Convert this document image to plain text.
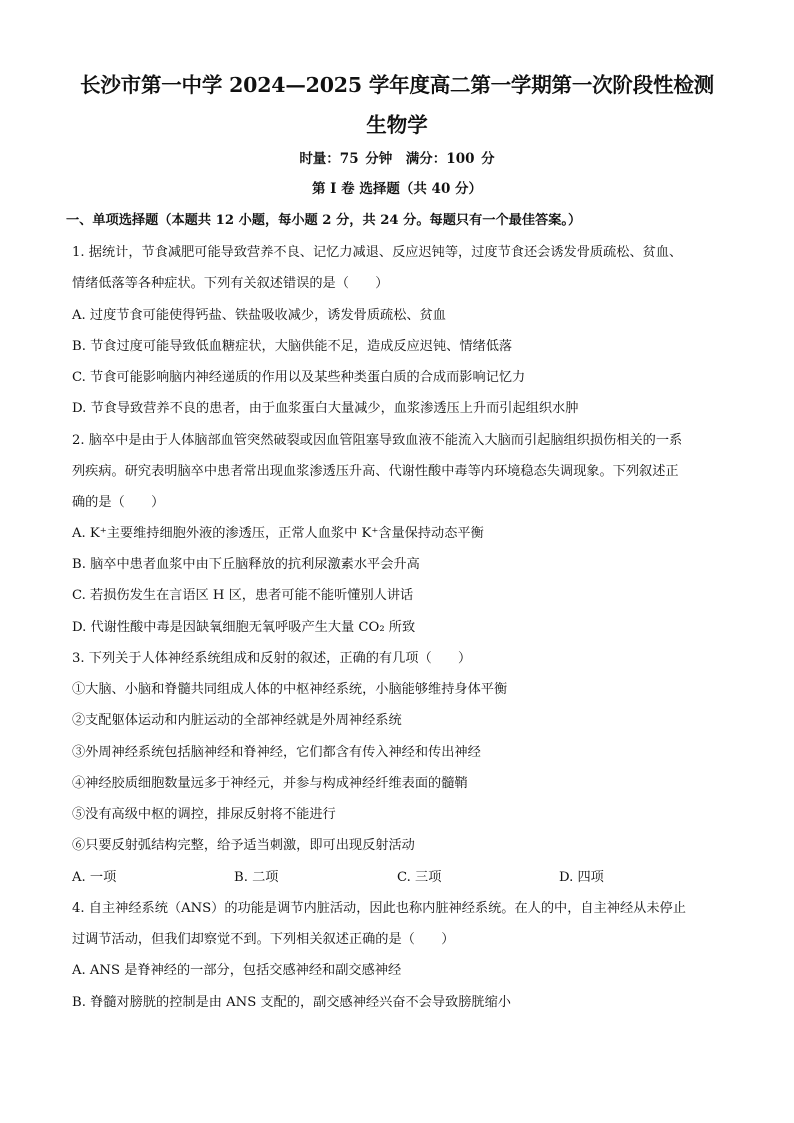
长沙市第一中学 2024—2025 学年度高二第一学期第一次阶段性检测
生物学
时量：75 分钟　满分：100 分
第 I 卷 选择题（共 40 分）
一、单项选择题（本题共 12 小题，每小题 2 分，共 24 分。每题只有一个最佳答案。）
1. 据统计，节食减肥可能导致营养不良、记忆力减退、反应迟钝等，过度节食还会诱发骨质疏松、贫血、
情绪低落等各种症状。下列有关叙述错误的是（　　）
A. 过度节食可能使得钙盐、铁盐吸收减少，诱发骨质疏松、贫血
B. 节食过度可能导致低血糖症状，大脑供能不足，造成反应迟钝、情绪低落
C. 节食可能影响脑内神经递质的作用以及某些种类蛋白质的合成而影响记忆力
D. 节食导致营养不良的患者，由于血浆蛋白大量减少，血浆渗透压上升而引起组织水肿
2. 脑卒中是由于人体脑部血管突然破裂或因血管阻塞导致血液不能流入大脑而引起脑组织损伤相关的一系
列疾病。研究表明脑卒中患者常出现血浆渗透压升高、代谢性酸中毒等内环境稳态失调现象。下列叙述正
确的是（　　）
A. K⁺主要维持细胞外液的渗透压，正常人血浆中 K⁺含量保持动态平衡
B. 脑卒中患者血浆中由下丘脑释放的抗利尿激素水平会升高
C. 若损伤发生在言语区 H 区，患者可能不能听懂别人讲话
D. 代谢性酸中毒是因缺氧细胞无氧呼吸产生大量 CO₂ 所致
3. 下列关于人体神经系统组成和反射的叙述，正确的有几项（　　）
①大脑、小脑和脊髓共同组成人体的中枢神经系统，小脑能够维持身体平衡
②支配躯体运动和内脏运动的全部神经就是外周神经系统
③外周神经系统包括脑神经和脊神经，它们都含有传入神经和传出神经
④神经胶质细胞数量远多于神经元，并参与构成神经纤维表面的髓鞘
⑤没有高级中枢的调控，排尿反射将不能进行
⑥只要反射弧结构完整，给予适当刺激，即可出现反射活动
A. 一项	B. 二项	C. 三项	D. 四项
4. 自主神经系统（ANS）的功能是调节内脏活动，因此也称内脏神经系统。在人的中，自主神经从未停止
过调节活动，但我们却察觉不到。下列相关叙述正确的是（　　）
A. ANS 是脊神经的一部分，包括交感神经和副交感神经
B. 脊髓对膀胱的控制是由 ANS 支配的，副交感神经兴奋不会导致膀胱缩小
